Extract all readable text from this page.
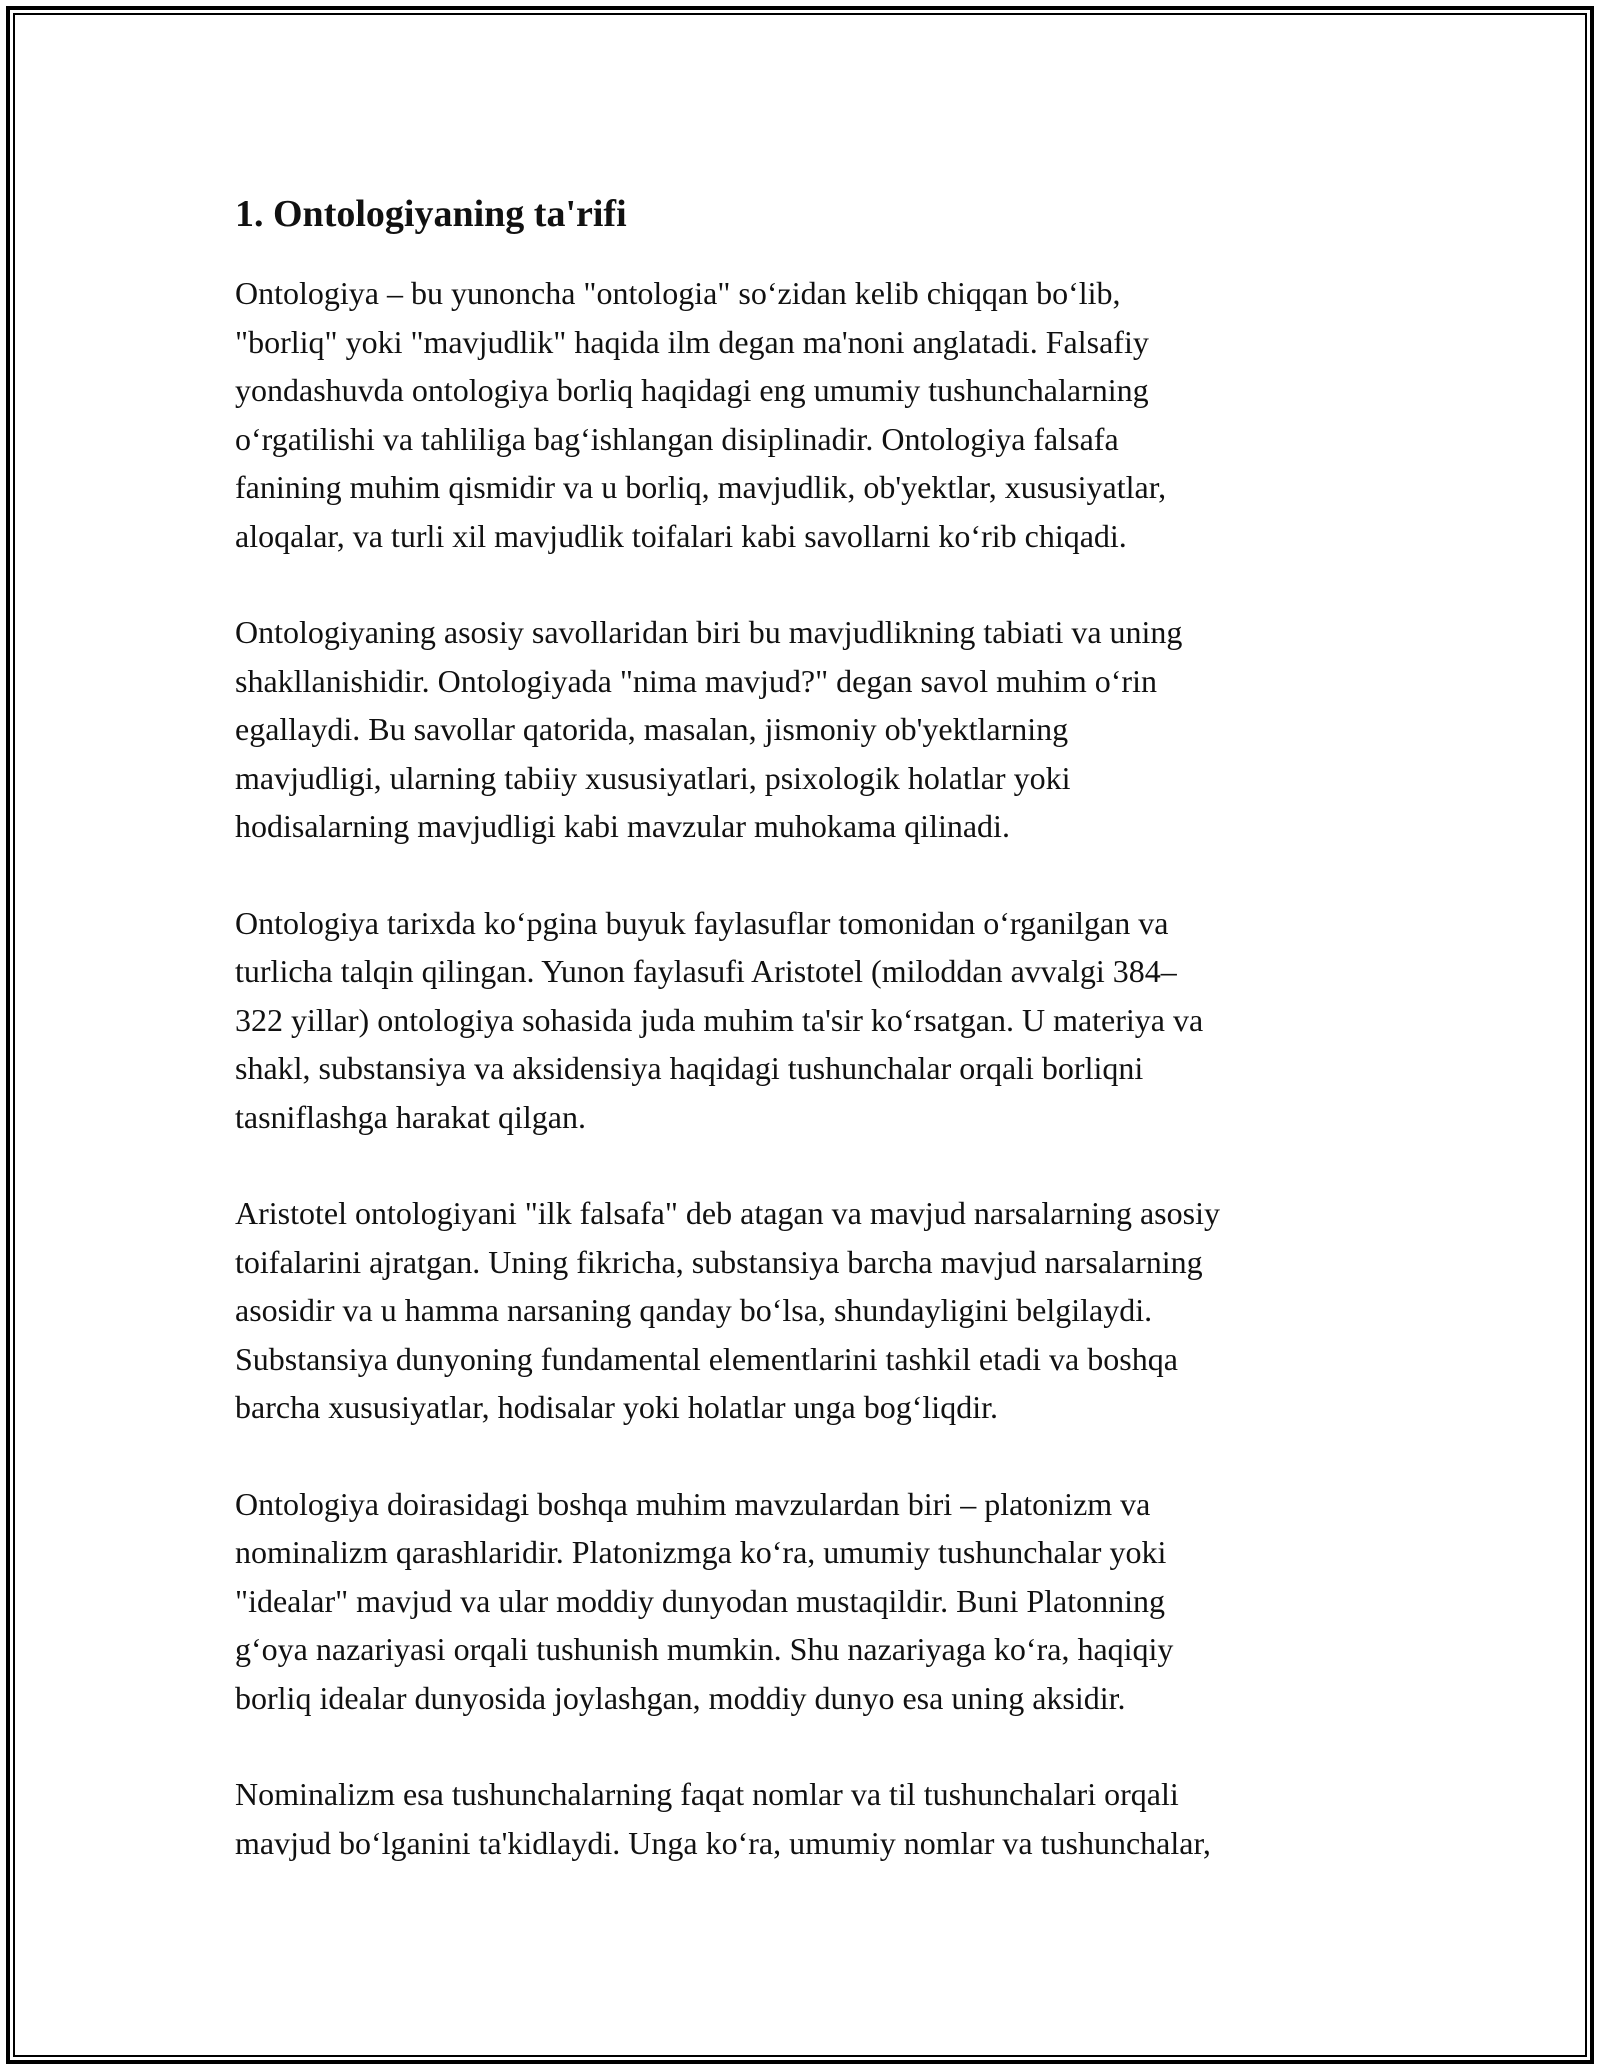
1. Ontologiyaning ta'rifi

Ontologiya – bu yunoncha "ontologia" so‘zidan kelib chiqqan bo‘lib,
"borliq" yoki "mavjudlik" haqida ilm degan ma'noni anglatadi. Falsafiy
yondashuvda ontologiya borliq haqidagi eng umumiy tushunchalarning
o‘rgatilishi va tahliliga bag‘ishlangan disiplinadir. Ontologiya falsafa
fanining muhim qismidir va u borliq, mavjudlik, ob'yektlar, xususiyatlar,
aloqalar, va turli xil mavjudlik toifalari kabi savollarni ko‘rib chiqadi.

Ontologiyaning asosiy savollaridan biri bu mavjudlikning tabiati va uning
shakllanishidir. Ontologiyada "nima mavjud?" degan savol muhim o‘rin
egallaydi. Bu savollar qatorida, masalan, jismoniy ob'yektlarning
mavjudligi, ularning tabiiy xususiyatlari, psixologik holatlar yoki
hodisalarning mavjudligi kabi mavzular muhokama qilinadi.

Ontologiya tarixda ko‘pgina buyuk faylasuflar tomonidan o‘rganilgan va
turlicha talqin qilingan. Yunon faylasufi Aristotel (miloddan avvalgi 384–
322 yillar) ontologiya sohasida juda muhim ta'sir ko‘rsatgan. U materiya va
shakl, substansiya va aksidensiya haqidagi tushunchalar orqali borliqni
tasniflashga harakat qilgan.

Aristotel ontologiyani "ilk falsafa" deb atagan va mavjud narsalarning asosiy
toifalarini ajratgan. Uning fikricha, substansiya barcha mavjud narsalarning
asosidir va u hamma narsaning qanday bo‘lsa, shundayligini belgilaydi.
Substansiya dunyoning fundamental elementlarini tashkil etadi va boshqa
barcha xususiyatlar, hodisalar yoki holatlar unga bog‘liqdir.

Ontologiya doirasidagi boshqa muhim mavzulardan biri – platonizm va
nominalizm qarashlaridir. Platonizmga ko‘ra, umumiy tushunchalar yoki
"idealar" mavjud va ular moddiy dunyodan mustaqildir. Buni Platonning
g‘oya nazariyasi orqali tushunish mumkin. Shu nazariyaga ko‘ra, haqiqiy
borliq idealar dunyosida joylashgan, moddiy dunyo esa uning aksidir.

Nominalizm esa tushunchalarning faqat nomlar va til tushunchalari orqali
mavjud bo‘lganini ta'kidlaydi. Unga ko‘ra, umumiy nomlar va tushunchalar,
